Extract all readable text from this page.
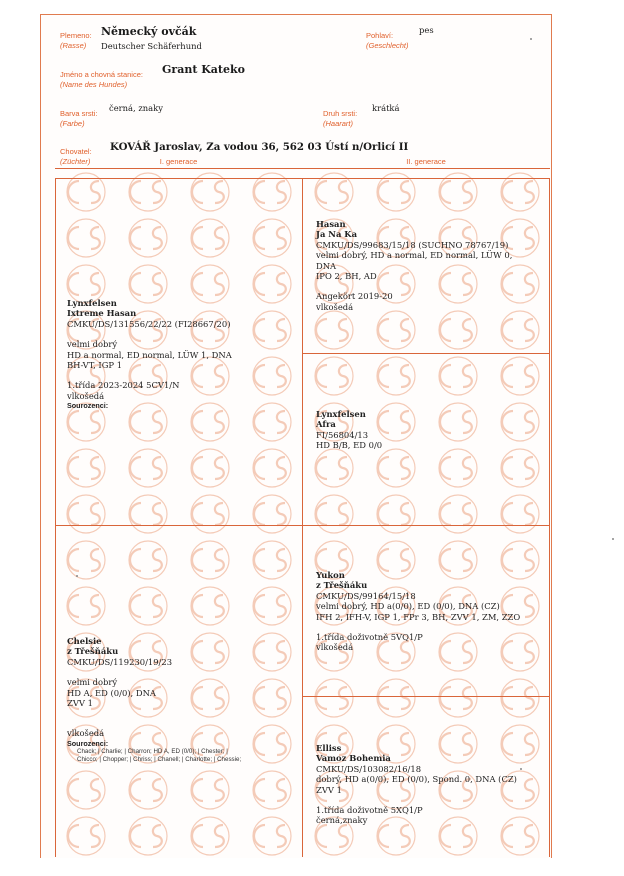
Plemeno:
(Rasse)
Německý ovčák
Deutscher Schäferhund
Pohlaví:
(Geschlecht)
pes
Jméno a chovná stanice:
(Name des Hundes)
Grant Kateko
Barva srsti:
(Farbe)
černá, znaky
Druh srsti:
(Haarart)
krátká
Chovatel:
(Züchter)
KOVÁŘ Jaroslav, Za vodou 36, 562 03 Ústí n/Orlicí II
I. generace	II. generace
Lynxfelsen
Ixtreme Hasan
CMKU/DS/131556/22/22 (FI28667/20)
velmi dobrý
HD a normal, ED normal, LÜW 1, DNA
BH-VT, IGP 1
1.třída 2023-2024 5CV1/N
vlkošedá
Sourozenci:
Hasan
Ja Na Ka
CMKU/DS/99683/15/18 (SUCHNO 78767/19)
velmi dobrý, HD a normal, ED normal, LÜW 0,
DNA
IPO 2, BH, AD
Angekört 2019-20
vlkošedá
Lynxfelsen
Afra
FI/56804/13
HD B/B, ED 0/0
Chelsie
z Třešňáku
CMKU/DS/119230/19/23
velmi dobrý
HD A, ED (0/0), DNA
ZVV 1
vlkošedá
Sourozenci:
Chack; | Charlie; | Charron; HD A, ED (0/0); | Chester; |
Chicco; | Chopper; | Chriss; | Chanell; | Charlotte; | Chessie;
Yukon
z Třešňáku
CMKU/DS/99164/15/18
velmi dobrý, HD a(0/0), ED (0/0), DNA (CZ)
IFH 2, IFH-V, IGP 1, FPr 3, BH, ZVV 1, ZM, ZZO
1.třída doživotně 5VQ1/P
vlkošedá
Elliss
Vamoz Bohemia
CMKU/DS/103082/16/18
dobrý, HD a(0/0), ED (0/0), Spond. 0, DNA (CZ)
ZVV 1
1.třída doživotně 5XQ1/P
černá,znaky
